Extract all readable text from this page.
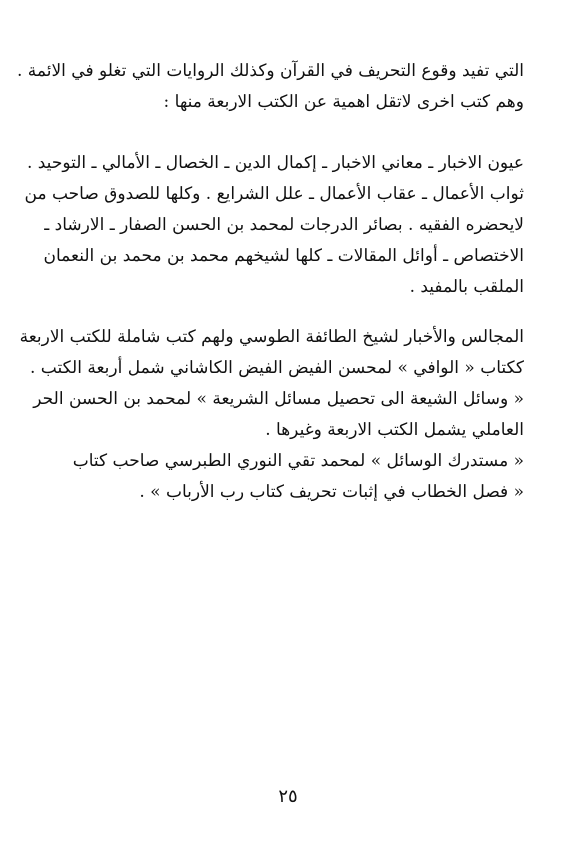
التي تفيد وقوع التحريف في القرآن وكذلك الروايات التي تغلو في الائمة .
وهم كتب اخرى لاتقل اهمية عن الكتب الاربعة منها :
عيون الاخبار ـ معاني الاخبار ـ إكمال الدين ـ الخصال ـ الأمالي ـ التوحيد .
ثواب الأعمال ـ عقاب الأعمال ـ علل الشرايع . وكلها للصدوق صاحب من
لايحضره الفقيه . بصائر الدرجات لمحمد بن الحسن الصفار ـ الارشاد ـ
الاختصاص ـ أوائل المقالات ـ كلها لشيخهم محمد بن محمد بن النعمان
الملقب بالمفيد .
المجالس والأخبار لشيخ الطائفة الطوسي ولهم كتب شاملة للكتب الاربعة
ككتاب « الوافي » لمحسن الفيض الفيض الكاشاني شمل أربعة الكتب .
« وسائل الشيعة الى تحصيل مسائل الشريعة » لمحمد بن الحسن الحر
العاملي يشمل الكتب الاربعة وغيرها .
« مستدرك الوسائل » لمحمد تقي النوري الطبرسي صاحب كتاب
« فصل الخطاب في إثبات تحريف كتاب رب الأرباب » .
٢٥
